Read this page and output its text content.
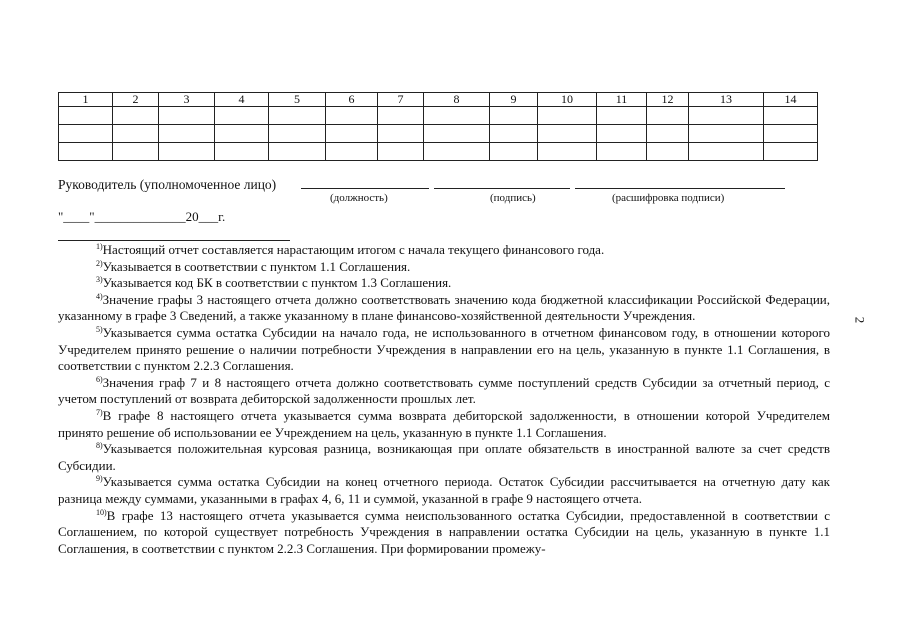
1	2	3	4	5	6	7	8	9	10	11	12	13	14

Руководитель (уполномоченное лицо)
(должность)	(подпись)	(расшифровка подписи)
"____"______________20___г.

$^{1)}$Настоящий отчет составляется нарастающим итогом с начала текущего финансового года.

$^{2)}$Указывается в соответствии с пунктом 1.1 Соглашения.

$^{3)}$Указывается код БК в соответствии с пунктом 1.3 Соглашения.

$^{4)}$Значение графы 3 настоящего отчета должно соответствовать значению кода бюджетной классификации Российской Федерации, указанному в графе 3 Сведений, а также указанному в плане финансово-хозяйственной деятельности Учреждения.

$^{5)}$Указывается сумма остатка Субсидии на начало года, не использованного в отчетном финансовом году, в отношении которого Учредителем принято решение о наличии потребности Учреждения в направлении его на цель, указанную в пункте 1.1 Соглашения, в соответствии с пунктом 2.2.3 Соглашения.

$^{6)}$Значения граф 7 и 8 настоящего отчета должно соответствовать сумме поступлений средств Субсидии за отчетный период, с учетом поступлений от возврата дебиторской задолженности прошлых лет.

$^{7)}$В графе 8 настоящего отчета указывается сумма возврата дебиторской задолженности, в отношении которой Учредителем принято решение об использовании ее Учреждением на цель, указанную в пункте 1.1 Соглашения.

$^{8)}$Указывается положительная курсовая разница, возникающая при оплате обязательств в иностранной валюте за счет средств Субсидии.

$^{9)}$Указывается сумма остатка Субсидии на конец отчетного периода. Остаток Субсидии рассчитывается на отчетную дату как разница между суммами, указанными в графах 4, 6, 11 и суммой, указанной в графе 9 настоящего отчета.

$^{10)}$В графе 13 настоящего отчета указывается сумма неиспользованного остатка Субсидии, предоставленной в соответствии с Соглашением, по которой существует потребность Учреждения в направлении остатка Субсидии на цель, указанную в пункте 1.1 Соглашения, в соответствии с пунктом 2.2.3 Соглашения. При формировании промежу-

2
